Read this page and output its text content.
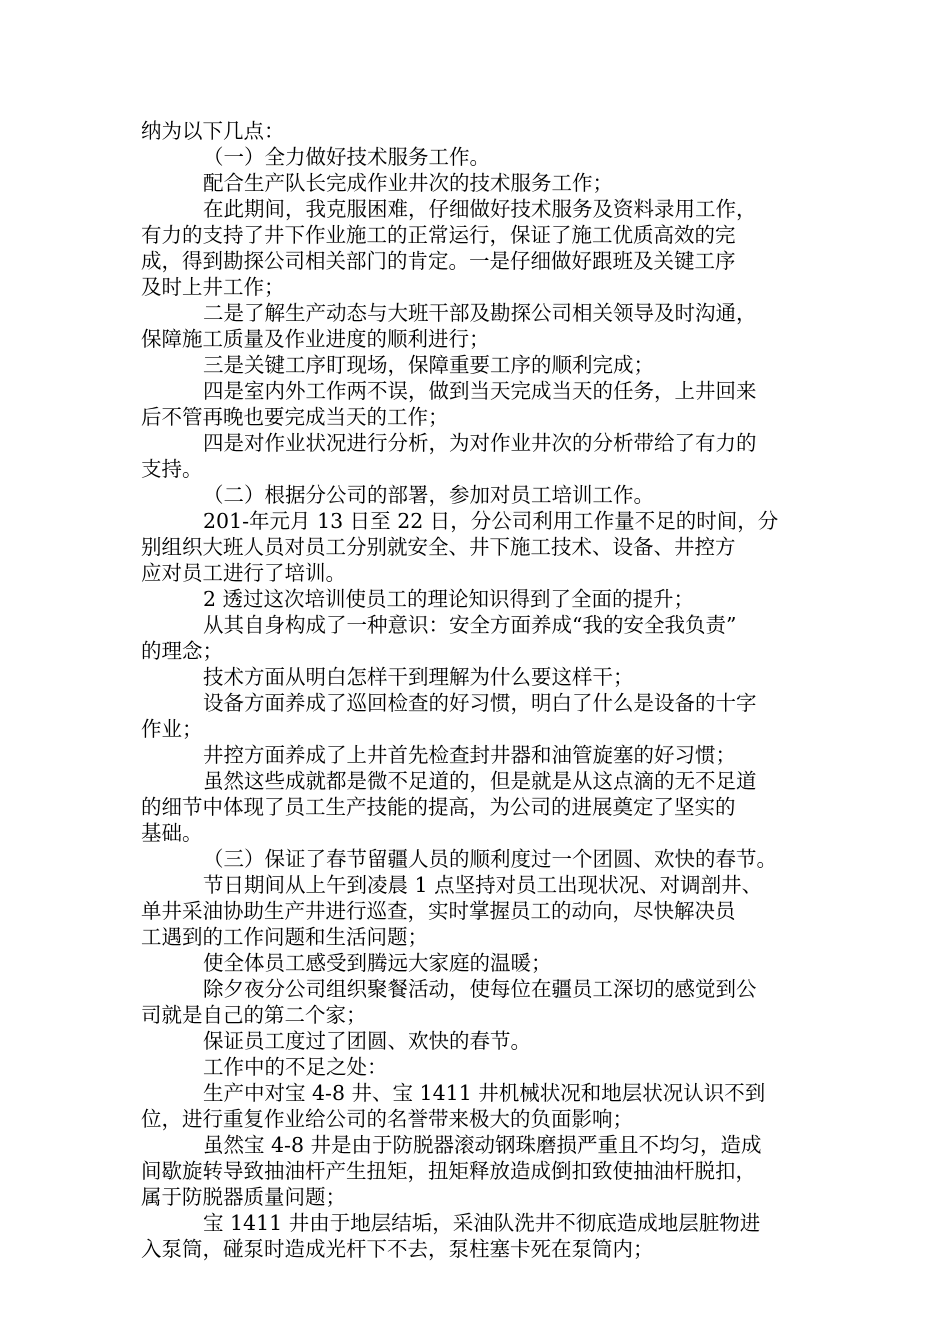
纳为以下几点：

（一）全力做好技术服务工作。

配合生产队长完成作业井次的技术服务工作；

在此期间，我克服困难，仔细做好技术服务及资料录用工作，

有力的支持了井下作业施工的正常运行，保证了施工优质高效的完

成，得到勘探公司相关部门的肯定。一是仔细做好跟班及关键工序

及时上井工作；

二是了解生产动态与大班干部及勘探公司相关领导及时沟通，

保障施工质量及作业进度的顺利进行；

三是关键工序盯现场，保障重要工序的顺利完成；

四是室内外工作两不误，做到当天完成当天的任务，上井回来

后不管再晚也要完成当天的工作；

四是对作业状况进行分析，为对作业井次的分析带给了有力的

支持。

（二）根据分公司的部署，参加对员工培训工作。

201-年元月 13 日至 22 日，分公司利用工作量不足的时间，分

别组织大班人员对员工分别就安全、井下施工技术、设备、井控方

应对员工进行了培训。

2 透过这次培训使员工的理论知识得到了全面的提升；

从其自身构成了一种意识：安全方面养成“我的安全我负责”

的理念；

技术方面从明白怎样干到理解为什么要这样干；

设备方面养成了巡回检查的好习惯，明白了什么是设备的十字

作业；

井控方面养成了上井首先检查封井器和油管旋塞的好习惯；

虽然这些成就都是微不足道的，但是就是从这点滴的无不足道

的细节中体现了员工生产技能的提高，为公司的进展奠定了坚实的

基础。

（三）保证了春节留疆人员的顺利度过一个团圆、欢快的春节。

节日期间从上午到凌晨 1 点坚持对员工出现状况、对调剖井、

单井采油协助生产井进行巡查，实时掌握员工的动向，尽快解决员

工遇到的工作问题和生活问题；

使全体员工感受到腾远大家庭的温暖；

除夕夜分公司组织聚餐活动，使每位在疆员工深切的感觉到公

司就是自己的第二个家；

保证员工度过了团圆、欢快的春节。

工作中的不足之处：

生产中对宝 4-8 井、宝 1411 井机械状况和地层状况认识不到

位，进行重复作业给公司的名誉带来极大的负面影响；

虽然宝 4-8 井是由于防脱器滚动钢珠磨损严重且不均匀，造成

间歇旋转导致抽油杆产生扭矩，扭矩释放造成倒扣致使抽油杆脱扣，

属于防脱器质量问题；

宝 1411 井由于地层结垢，采油队洗井不彻底造成地层脏物进

入泵筒，碰泵时造成光杆下不去，泵柱塞卡死在泵筒内；
